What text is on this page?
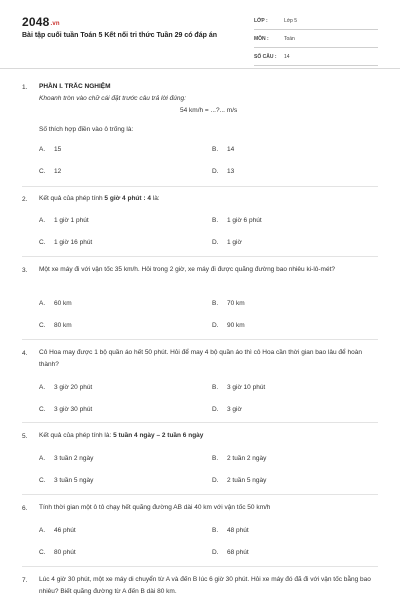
2048.vn
Bài tập cuối tuần Toán 5 Kết nối tri thức Tuần 29 có đáp án
LỚP :	Lớp 5
MÔN :	Toán
SỐ CÂU : 14
1. PHẦN I. TRẮC NGHIỆM
Khoanh tròn vào chữ cái đặt trước câu trả lời đúng:
54 km/h = ...?... m/s
Số thích hợp điền vào ô trống là:
A. 15	B. 14
C. 12	D. 13
2. Kết quả của phép tính 5 giờ 4 phút : 4 là:
A. 1 giờ 1 phút	B. 1 giờ 6 phút
C. 1 giờ 16 phút	D. 1 giờ
3. Một xe máy đi với vận tốc 35 km/h. Hỏi trong 2 giờ, xe máy đi được quãng đường bao nhiêu ki-lô-mét?
A. 60 km	B. 70 km
C. 80 km	D. 90 km
4. Cô Hoa may được 1 bộ quần áo hết 50 phút. Hỏi để may 4 bộ quần áo thì cô Hoa cần thời gian bao lâu để hoàn thành?
A. 3 giờ 20 phút	B. 3 giờ 10 phút
C. 3 giờ 30 phút	D. 3 giờ
5. Kết quả của phép tính là: 5 tuần 4 ngày – 2 tuần 6 ngày
A. 3 tuần 2 ngày	B. 2 tuần 2 ngày
C. 3 tuần 5 ngày	D. 2 tuần 5 ngày
6. Tính thời gian một ô tô chạy hết quãng đường AB dài 40 km với vận tốc 50 km/h
A. 46 phút	B. 48 phút
C. 80 phút	D. 68 phút
7. Lúc 4 giờ 30 phút, một xe máy di chuyển từ A và đến B lúc 6 giờ 30 phút. Hỏi xe máy đó đã đi với vận tốc bằng bao nhiêu? Biết quãng đường từ A đến B dài 80 km.
